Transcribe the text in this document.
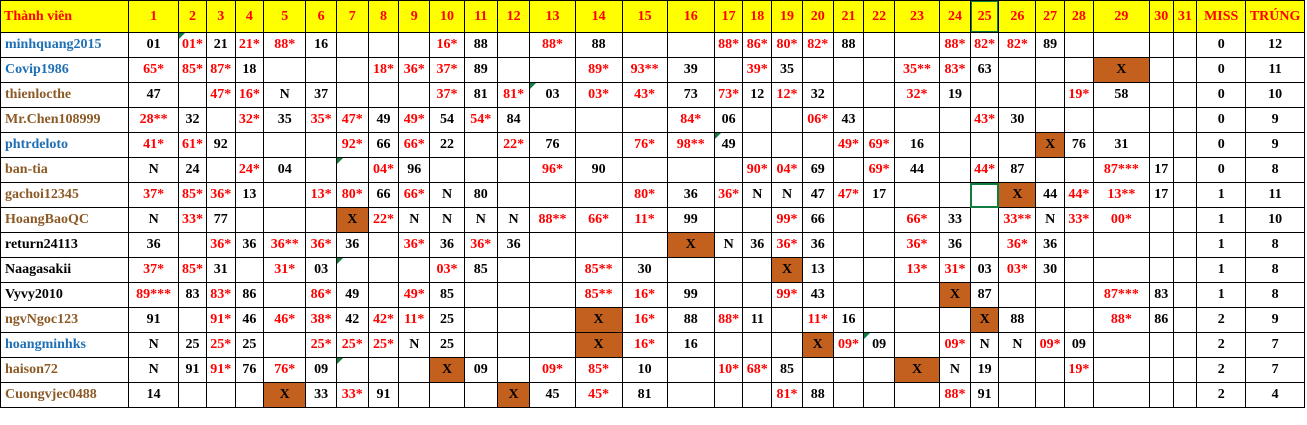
Thành viên	1	2	3	4	5	6	7	8	9	10	11	12	13	14	15	16	17	18	19	20	21	22	23	24	25	26	27	28	29	30	31	MISS	TRÚNG
minhquang2015	01	01*	21	21*	88*	16				16*	88		88*	88			88*	86*	80*	82*	88			88*	82*	82*	89					0	12
Covip1986	65*	85*	87*	18				18*	36*	37*	89			89*	93**	39		39*	35				35**	83*	63				X			0	11
thienlocthe	47		47*	16*	N	37				37*	81	81*	03	03*	43*	73	73*	12	12*	32			32*	19				19*	58			0	10
Mr.Chen108999	28**	32		32*	35	35*	47*	49	49*	54	54*	84				84*	06			06*	43				43*	30						0	9
phtrdeloto	41*	61*	92				92*	66	66*	22		22*	76		76*	98**	49				49*	69*	16				X	76	31			0	9
ban-tia	N	24		24*	04			04*	96				96*	90				90*	04*	69		69*	44		44*	87			87***	17		0	8
gachoi12345	37*	85*	36*	13		13*	80*	66	66*	N	80				80*	36	36*	N	N	47	47*	17				X	44	44*	13**	17		1	11
HoangBaoQC	N	33*	77				X	22*	N	N	N	N	88**	66*	11*	99			99*	66			66*	33		33**	N	33*	00*			1	10
return24113	36		36*	36	36**	36*	36		36*	36	36*	36				X	N	36	36*	36			36*	36		36*	36					1	8
Naagasakii	37*	85*	31		31*	03				03*	85			85**	30				X	13			13*	31*	03	03*	30					1	8
Vyvy2010	89***	83	83*	86		86*	49		49*	85				85**	16*	99			99*	43				X	87				87***	83		1	8
ngvNgoc123	91		91*	46	46*	38*	42	42*	11*	25				X	16*	88	88*	11		11*	16				X	88			88*	86		2	9
hoangminhks	N	25	25*	25		25*	25*	25*	N	25				X	16*	16				X	09*	09		09*	N	N	09*	09				2	7
haison72	N	91	91*	76	76*	09				X	09		09*	85*	10		10*	68*	85				X	N	19			19*				2	7
Cuongvjec0488	14				X	33	33*	91				X	45	45*	81				81*	88				88*	91							2	4
